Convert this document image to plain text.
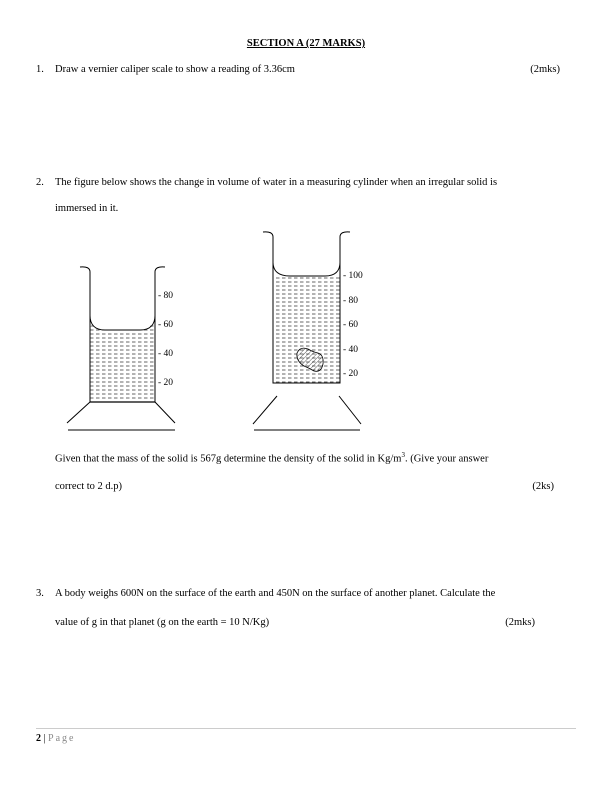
SECTION A (27 MARKS)
1. Draw a vernier caliper scale to show a reading of 3.36cm	(2mks)
2. The figure below shows the change in volume of water in a measuring cylinder when an irregular solid is
immersed in it.
- 80
- 60
- 40
- 20
- 100
- 80
- 60
- 40
- 20
Given that the mass of the solid is 567g determine the density of the solid in $Kg/m^3$. (Give your answer
correct to 2 d.p)	(2ks)
3. A body weighs 600N on the surface of the earth and 450N on the surface of another planet. Calculate the
value of g in that planet (g on the earth = 10 N/Kg)	(2mks)
2 | Page
